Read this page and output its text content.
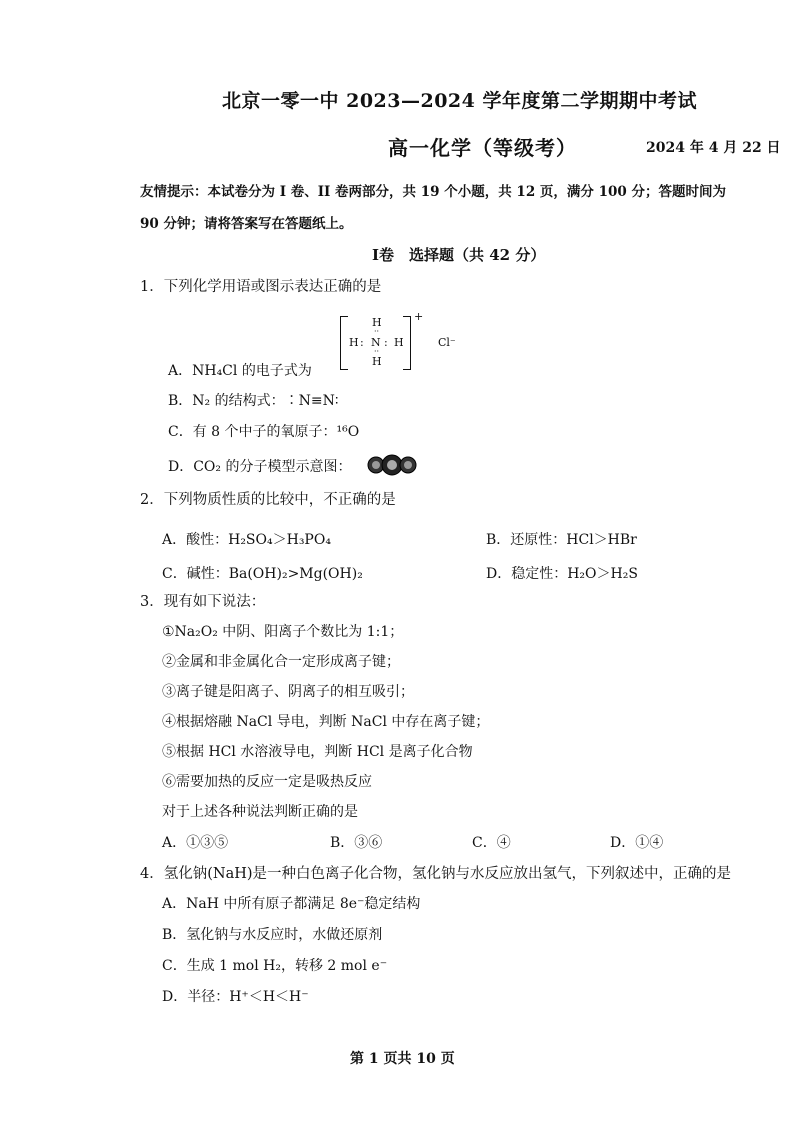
北京一零一中 2023—2024 学年度第二学期期中考试
高一化学（等级考）	2024 年 4 月 22 日
友情提示：本试卷分为 I 卷、II 卷两部分，共 19 个小题，共 12 页，满分 100 分；答题时间为
90 分钟；请将答案写在答题纸上。
I卷　选择题（共 42 分）
1．下列化学用语或图示表达正确的是
H
··
H : N : H
··
H
+
Cl⁻
A．NH₄Cl 的电子式为
B．N₂ 的结构式：∶N≡N∶
C．有 8 个中子的氧原子：¹⁶O
D．CO₂ 的分子模型示意图：
2．下列物质性质的比较中，不正确的是
A．酸性：H₂SO₄＞H₃PO₄	B．还原性：HCl＞HBr
C．碱性：Ba(OH)₂>Mg(OH)₂	D．稳定性：H₂O＞H₂S
3．现有如下说法：
①Na₂O₂ 中阴、阳离子个数比为 1:1；
②金属和非金属化合一定形成离子键；
③离子键是阳离子、阴离子的相互吸引；
④根据熔融 NaCl 导电，判断 NaCl 中存在离子键；
⑤根据 HCl 水溶液导电，判断 HCl 是离子化合物
⑥需要加热的反应一定是吸热反应
对于上述各种说法判断正确的是
A．①③⑤	B．③⑥	C．④	D．①④
4．氢化钠(NaH)是一种白色离子化合物，氢化钠与水反应放出氢气，下列叙述中，正确的是
A．NaH 中所有原子都满足 8e⁻稳定结构
B．氢化钠与水反应时，水做还原剂
C．生成 1 mol H₂，转移 2 mol e⁻
D．半径：H⁺＜H＜H⁻
第 1 页共 10 页
